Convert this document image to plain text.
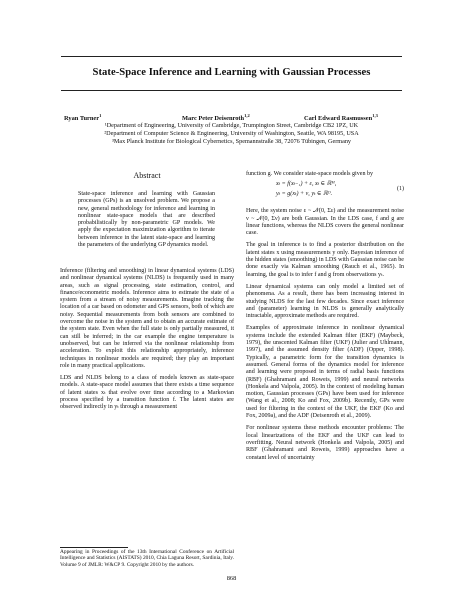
State-Space Inference and Learning with Gaussian Processes
Ryan Turner$^1$	Marc Peter Deisenroth$^{1,2}$	Carl Edward Rasmussen$^{1,3}$
¹Department of Engineering, University of Cambridge, Trumpington Street, Cambridge CB2 1PZ, UK
²Department of Computer Science & Engineering, University of Washington, Seattle, WA 98195, USA
³Max Planck Institute for Biological Cybernetics, Spemannstraße 38, 72076 Tübingen, Germany
Abstract
State-space inference and learning with Gaussian processes (GPs) is an unsolved problem. We propose a new, general methodology for inference and learning in nonlinear state-space models that are described probabilistically by non-parametric GP models. We apply the expectation maximization algorithm to iterate between inference in the latent state-space and learning the parameters of the underlying GP dynamics model.

Inference (filtering and smoothing) in linear dynamical systems (LDS) and nonlinear dynamical systems (NLDS) is frequently used in many areas, such as signal processing, state estimation, control, and finance/econometric models. Inference aims to estimate the state of a system from a stream of noisy measurements. Imagine tracking the location of a car based on odometer and GPS sensors, both of which are noisy. Sequential measurements from both sensors are combined to overcome the noise in the system and to obtain an accurate estimate of the system state. Even when the full state is only partially measured, it can still be inferred; in the car example the engine temperature is unobserved, but can be inferred via the nonlinear relationship from acceleration. To exploit this relationship appropriately, inference techniques in nonlinear models are required; they play an important role in many practical applications.

LDS and NLDS belong to a class of models known as state-space models. A state-space model assumes that there exists a time sequence of latent states xₜ that evolve over time according to a Markovian process specified by a transition function f. The latent states are observed indirectly in yₜ through a measurement

Appearing in Proceedings of the 13th International Conference on Artificial Intelligence and Statistics (AISTATS) 2010, Chia Laguna Resort, Sardinia, Italy. Volume 9 of JMLR: W&CP 9. Copyright 2010 by the authors.

function g. We consider state-space models given by

xₜ = f(xₜ₋₁) + ε, xₜ ∈ ℝᴹ,
yₜ = g(xₜ) + ν, yₜ ∈ ℝᴰ.
(1)

Here, the system noise ε ~ 𝒩(0, Σε) and the measurement noise ν ~ 𝒩(0, Σν) are both Gaussian. In the LDS case, f and g are linear functions, whereas the NLDS covers the general nonlinear case.

The goal in inference is to find a posterior distribution on the latent states x using measurements y only. Bayesian inference of the hidden states (smoothing) in LDS with Gaussian noise can be done exactly via Kalman smoothing (Rauch et al., 1965). In learning, the goal is to infer f and g from observations yₜ.

Linear dynamical systems can only model a limited set of phenomena. As a result, there has been increasing interest in studying NLDS for the last few decades. Since exact inference and (parameter) learning in NLDS is generally analytically intractable, approximate methods are required.

Examples of approximate inference in nonlinear dynamical systems include the extended Kalman filter (EKF) (Maybeck, 1979), the unscented Kalman filter (UKF) (Julier and Uhlmann, 1997), and the assumed density filter (ADF) (Opper, 1998). Typically, a parametric form for the transition dynamics is assumed. General forms of the dynamics model for inference and learning were proposed in terms of radial basis functions (RBF) (Ghahramani and Roweis, 1999) and neural networks (Honkela and Valpola, 2005). In the context of modeling human motion, Gaussian processes (GPs) have been used for inference (Wang et al., 2008; Ko and Fox, 2009b). Recently, GPs were used for filtering in the context of the UKF, the EKF (Ko and Fox, 2009a), and the ADF (Deisenroth et al., 2009).

For nonlinear systems these methods encounter problems: The local linearizations of the EKF and the UKF can lead to overfitting. Neural network (Honkela and Valpola, 2005) and RBF (Ghahramani and Roweis, 1999) approaches have a constant level of uncertainty

868
